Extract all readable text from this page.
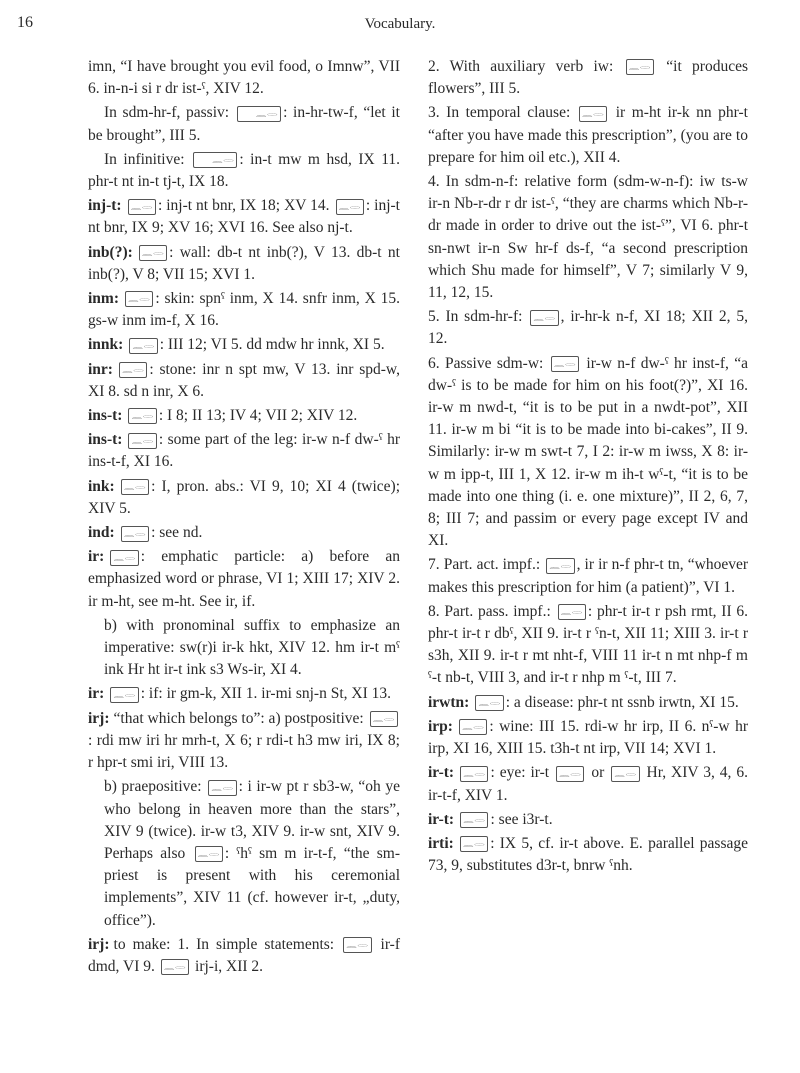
16	Vocabulary.

imn, “I have brought you evil food, o Imnw”, VII 6. in-n-i si r dr ist-ˁ, XIV 12.

In sdm-hr-f, passiv: 𓈖𓂋 : in-hr-tw-f, “let it be brought”, III 5.

In infinitive: 𓈖𓂋 : in-t mw m hsd, IX 11. phr-t nt in-t tj-t, IX 18.

inj-t: 𓈖𓂋 : inj-t nt bnr, IX 18; XV 14. 𓈖𓂋 : inj-t nt bnr, IX 9; XV 16; XVI 16. See also nj-t.

inb(?): 𓈖𓂋 : wall: db-t nt inb(?), V 13. db-t nt inb(?), V 8; VII 15; XVI 1.

inm: 𓈖𓂋 : skin: spnˁ inm, X 14. snfr inm, X 15. gs-w inm im-f, X 16.

innk: 𓈖𓂋 : III 12; VI 5. dd mdw hr innk, XI 5.

inr: 𓈖𓂋 : stone: inr n spt mw, V 13. inr spd-w, XI 8. sd n inr, X 6.

ins-t: 𓈖𓂋 : I 8; II 13; IV 4; VII 2; XIV 12.

ins-t: 𓈖𓂋 : some part of the leg: ir-w n-f dw-ˁ hr ins-t-f, XI 16.

ink: 𓈖𓂋 : I, pron. abs.: VI 9, 10; XI 4 (twice); XIV 5.

ind: 𓈖𓂋 : see nd.

ir: 𓈖𓂋 : emphatic particle: a) before an emphasized word or phrase, VI 1; XIII 17; XIV 2. ir m-ht, see m-ht. See ir, if.

b) with pronominal suffix to emphasize an imperative: sw(r)i ir-k hkt, XIV 12. hm ir-t mˁ ink Hr ht ir-t ink s3 Ws-ir, XI 4.

ir: 𓈖𓂋 : if: ir gm-k, XII 1. ir-mi snj-n St, XI 13.

irj: “that which belongs to”: a) postpositive: 𓈖𓂋: rdi mw iri hr mrh-t, X 6; r rdi-t h3 mw iri, IX 8; r hpr-t smi iri, VIII 13.

b) praepositive: 𓈖𓂋 : i ir-w pt r sb3-w, “oh ye who belong in heaven more than the stars”, XIV 9 (twice). ir-w t3, XIV 9. ir-w snt, XIV 9. Perhaps also 𓈖𓂋 : ˁhˁ sm m ir-t-f, “the sm-priest is present with his ceremonial implements”, XIV 11 (cf. however ir-t, „duty, office”).

irj: to make: 1. In simple statements: 𓈖𓂋 ir-f dmd, VI 9. 𓈖𓂋 irj-i, XII 2.

2. With auxiliary verb iw: 𓈖𓂋 “it produces flowers”, III 5.

3. In temporal clause: 𓈖𓂋 ir m-ht ir-k nn phr-t “after you have made this prescription”, (you are to prepare for him oil etc.), XII 4.

4. In sdm-n-f: relative form (sdm-w-n-f): iw ts-w ir-n Nb-r-dr r dr ist-ˁ, “they are charms which Nb-r-dr made in order to drive out the ist-ˁ”, VI 6. phr-t sn-nwt ir-n Sw hr-f ds-f, “a second prescription which Shu made for himself”, V 7; similarly V 9, 11, 12, 15.

5. In sdm-hr-f: 𓈖𓂋 , ir-hr-k n-f, XI 18; XII 2, 5, 12.

6. Passive sdm-w: 𓈖𓂋 ir-w n-f dw-ˁ hr inst-f, “a dw-ˁ is to be made for him on his foot(?)”, XI 16. ir-w m nwd-t, “it is to be put in a nwdt-pot”, XII 11. ir-w m bi “it is to be made into bi-cakes”, II 9. Similarly: ir-w m swt-t 7, I 2: ir-w m iwss, X 8: ir-w m ipp-t, III 1, X 12. ir-w m ih-t wˁ-t, “it is to be made into one thing (i. e. one mixture)”, II 2, 6, 7, 8; III 7; and passim or every page except IV and XI.

7. Part. act. impf.: 𓈖𓂋 , ir ir n-f phr-t tn, “whoever makes this prescription for him (a patient)”, VI 1.

8. Part. pass. impf.: 𓈖𓂋 : phr-t ir-t r psh rmt, II 6. phr-t ir-t r dbˁ, XII 9. ir-t r ˁn-t, XII 11; XIII 3. ir-t r s3h, XII 9. ir-t r mt nht-f, VIII 11 ir-t n mt nhp-f m ˁ-t nb-t, VIII 3, and ir-t r nhp m ˁ-t, III 7.

irwtn: 𓈖𓂋 : a disease: phr-t nt ssnb irwtn, XI 15.

irp: 𓈖𓂋 : wine: III 15. rdi-w hr irp, II 6. nˁ-w hr irp, XI 16, XIII 15. t3h-t nt irp, VII 14; XVI 1.

ir-t: 𓈖𓂋 : eye: ir-t 𓈖𓂋 or 𓈖𓂋 Hr, XIV 3, 4, 6. ir-t-f, XIV 1.

ir-t: 𓈖𓂋 : see i3r-t.

irti: 𓈖𓂋 : IX 5, cf. ir-t above. E. parallel passage 73, 9, substitutes d3r-t, bnrw ˁnh.
